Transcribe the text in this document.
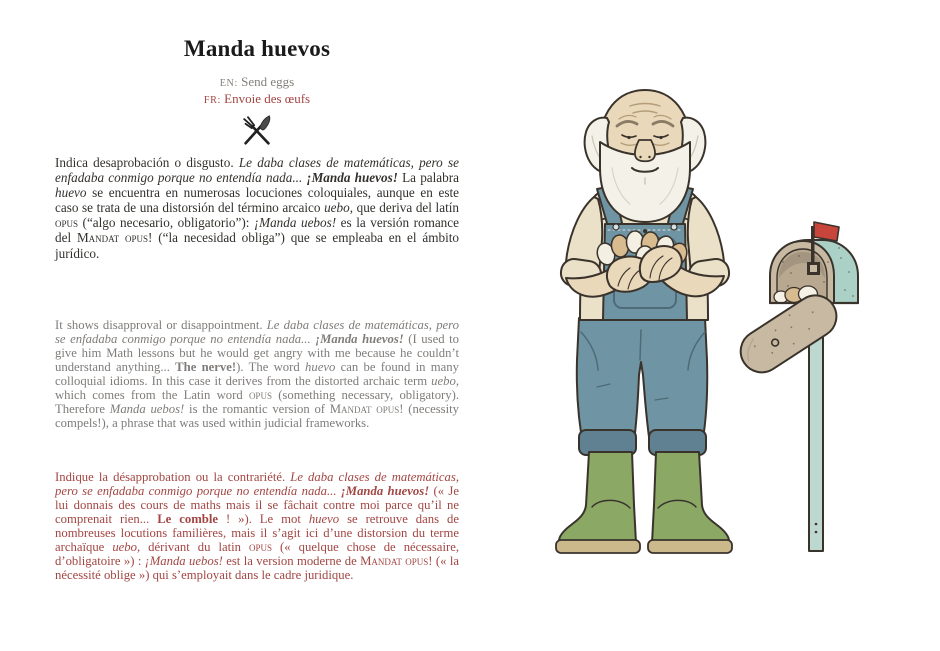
Manda huevos
EN: Send eggs
FR: Envoie des œufs

Indica desaprobación o disgusto. Le daba clases de matemáticas, pero se enfadaba conmigo porque no entendía nada... ¡Manda huevos! La palabra huevo se encuentra en numerosas locuciones coloquiales, aunque en este caso se trata de una distorsión del término arcaico uebo, que deriva del latín opus (“algo necesario, obligatorio”): ¡Manda uebos! es la versión romance del Mandat opus! (“la necesidad obliga”) que se empleaba en el ámbito jurídico.

It shows disapproval or disappointment. Le daba clases de matemáticas, pero se enfadaba conmigo porque no entendía nada... ¡Manda huevos! (I used to give him Math lessons but he would get angry with me because he couldn’t understand anything... The nerve!). The word huevo can be found in many colloquial idioms. In this case it derives from the distorted archaic term uebo, which comes from the Latin word opus (something necessary, obligatory). Therefore Manda uebos! is the romantic version of Mandat opus! (necessity compels!), a phrase that was used within judicial frameworks.

Indique la désapprobation ou la contrariété. Le daba clases de matemáticas, pero se enfadaba conmigo porque no entendía nada... ¡Manda huevos! (« Je lui donnais des cours de maths mais il se fâchait contre moi parce qu’il ne comprenait rien... Le comble ! »). Le mot huevo se retrouve dans de nombreuses locutions familières, mais il s’agit ici d’une distorsion du terme archaïque uebo, dérivant du latin opus (« quelque chose de nécessaire, d’obligatoire ») : ¡Manda uebos! est la version moderne de Mandat opus! (« la nécessité oblige ») qui s’employait dans le cadre juridique.
